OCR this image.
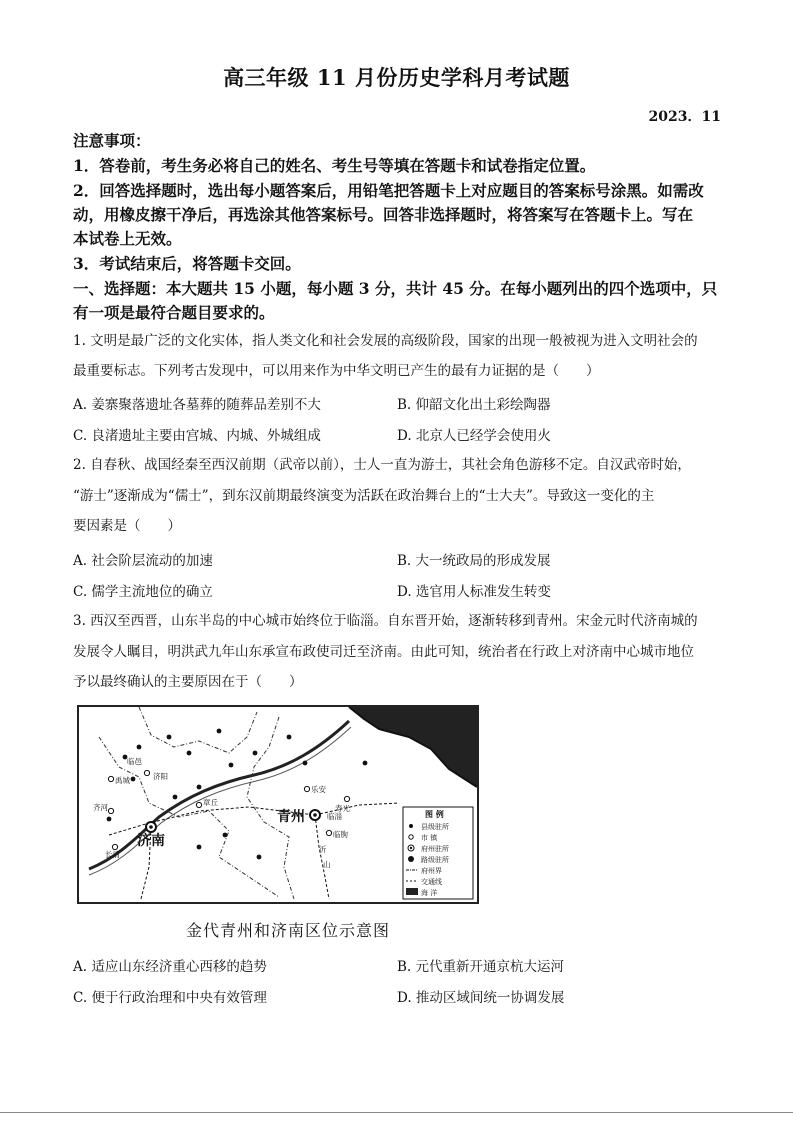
高三年级 11 月份历史学科月考试题
2023．11
注意事项：
1．答卷前，考生务必将自己的姓名、考生号等填在答题卡和试卷指定位置。
2．回答选择题时，选出每小题答案后，用铅笔把答题卡上对应题目的答案标号涂黑。如需改
动，用橡皮擦干净后，再选涂其他答案标号。回答非选择题时，将答案写在答题卡上。写在
本试卷上无效。
3．考试结束后，将答题卡交回。
一、选择题：本大题共 15 小题，每小题 3 分，共计 45 分。在每小题列出的四个选项中，只
有一项是最符合题目要求的。
1. 文明是最广泛的文化实体，指人类文化和社会发展的高级阶段，国家的出现一般被视为进入文明社会的
最重要标志。下列考古发现中，可以用来作为中华文明已产生的最有力证据的是（　　）
A. 姜寨聚落遗址各墓葬的随葬品差别不大	B. 仰韶文化出土彩绘陶器
C. 良渚遗址主要由宫城、内城、外城组成	D. 北京人已经学会使用火
2. 自春秋、战国经秦至西汉前期（武帝以前），士人一直为游士，其社会角色游移不定。自汉武帝时始，
“游士”逐渐成为“儒士”，到东汉前期最终演变为活跃在政治舞台上的“士大夫”。导致这一变化的主
要因素是（　　）
A. 社会阶层流动的加速	B. 大一统政局的形成发展
C. 儒学主流地位的确立	D. 选官用人标准发生转变
3. 西汉至西晋，山东半岛的中心城市始终位于临淄。自东晋开始，逐渐转移到青州。宋金元时代济南城的
发展令人瞩目，明洪武九年山东承宣布政使司迁至济南。由此可知，统治者在行政上对济南中心城市地位
予以最终确认的主要原因在于（　　）
临邑
禹城	济阳
齐河
长清
章丘
乐安
寿光
临淄
临朐
沂
山
济南
青州	图 例
县级驻所
市 镇
府州驻所
路级驻所
府州界
交通线
海 洋
金代青州和济南区位示意图
A. 适应山东经济重心西移的趋势	B. 元代重新开通京杭大运河
C. 便于行政治理和中央有效管理	D. 推动区域间统一协调发展
